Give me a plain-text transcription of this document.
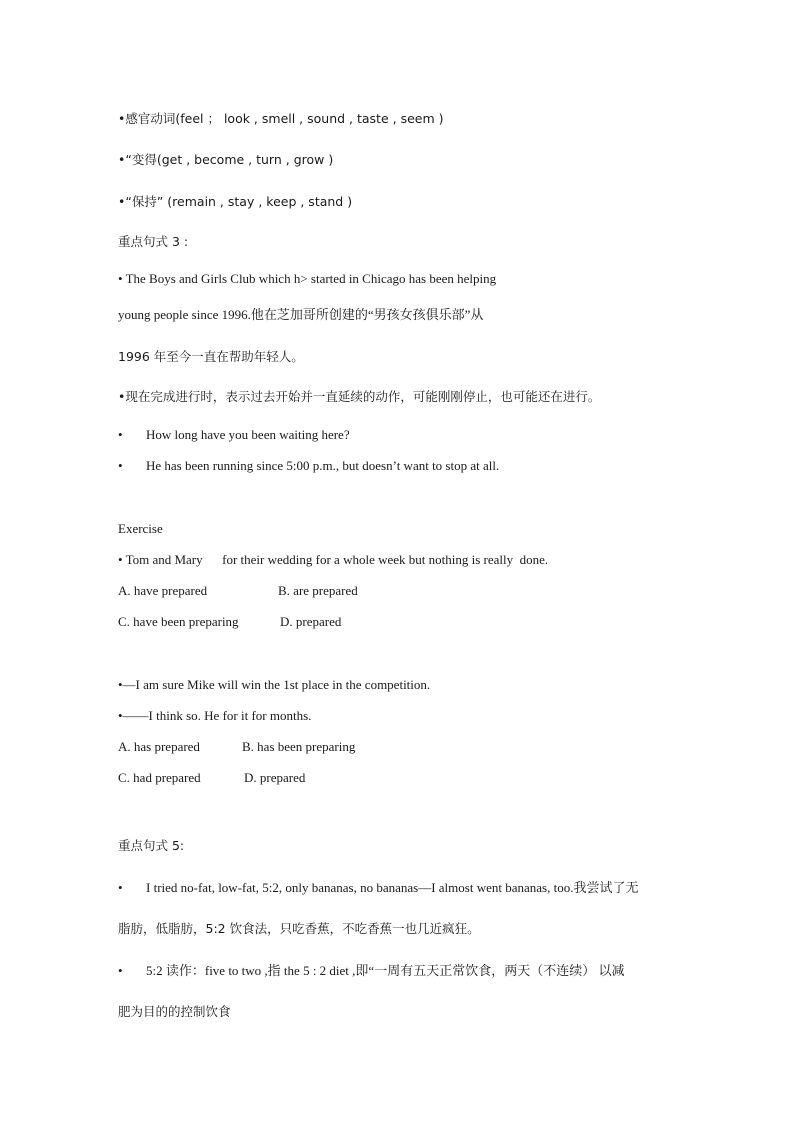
•感官动词(feel ； look , smell , sound , taste , seem )
•“变得(get , become , turn , grow )
•“保持” (remain , stay , keep , stand )
重点句式 3 :
• The Boys and Girls Club which h> started in Chicago has been helping
young people since 1996.他在芝加哥所创建的“男孩女孩俱乐部”从
1996 年至今一直在帮助年轻人。
•现在完成进行时，表示过去开始并一直延续的动作，可能刚刚停止，也可能还在进行。
• How long have you been waiting here?
• He has been running since 5:00 p.m., but doesn’t want to stop at all.
Exercise
• Tom and Mary      for their wedding for a whole week but nothing is really  done.
A. have prepared	B. are prepared
C. have been preparing	D. prepared
•—I am sure Mike will win the 1st place in the competition.
•——I think so. He for it for months.
A. has prepared	B. has been preparing
C. had prepared	D. prepared
重点句式 5:
• I tried no-fat, low-fat, 5:2, only bananas, no bananas—I almost went bananas, too.我尝试了无
脂肪，低脂肪，5:2 饮食法，只吃香蕉，不吃香蕉一也几近疯狂。
• 5:2 读作：five to two ,指 the 5 : 2 diet ,即“一周有五天正常饮食，两天（不连续） 以减
肥为目的的控制饮食
